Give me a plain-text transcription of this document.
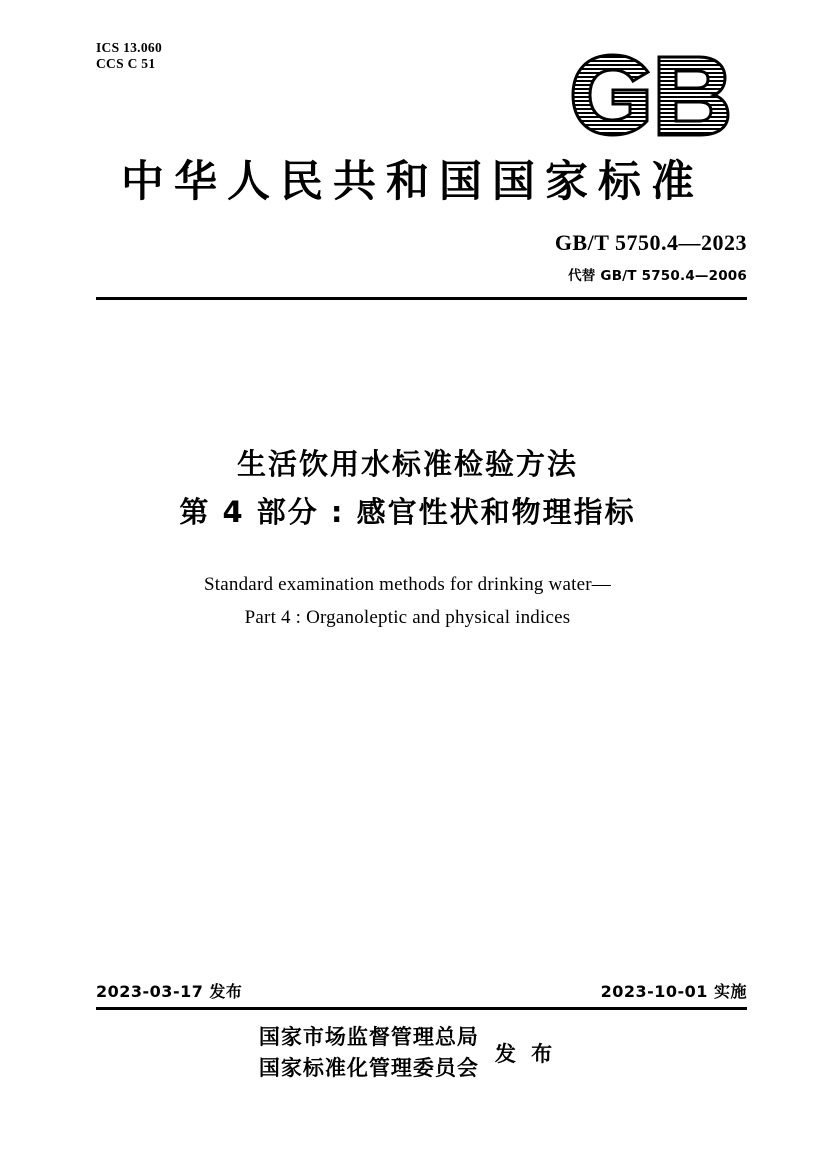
ICS 13.060
CCS C 51
中华人民共和国国家标准
GB/T 5750.4—2023
代替 GB/T 5750.4—2006
生活饮用水标准检验方法
第 4 部分 : 感官性状和物理指标
Standard examination methods for drinking water—
Part 4 : Organoleptic and physical indices
2023-03-17 发布	2023-10-01 实施
国家市场监督管理总局
国家标准化管理委员会
发 布
